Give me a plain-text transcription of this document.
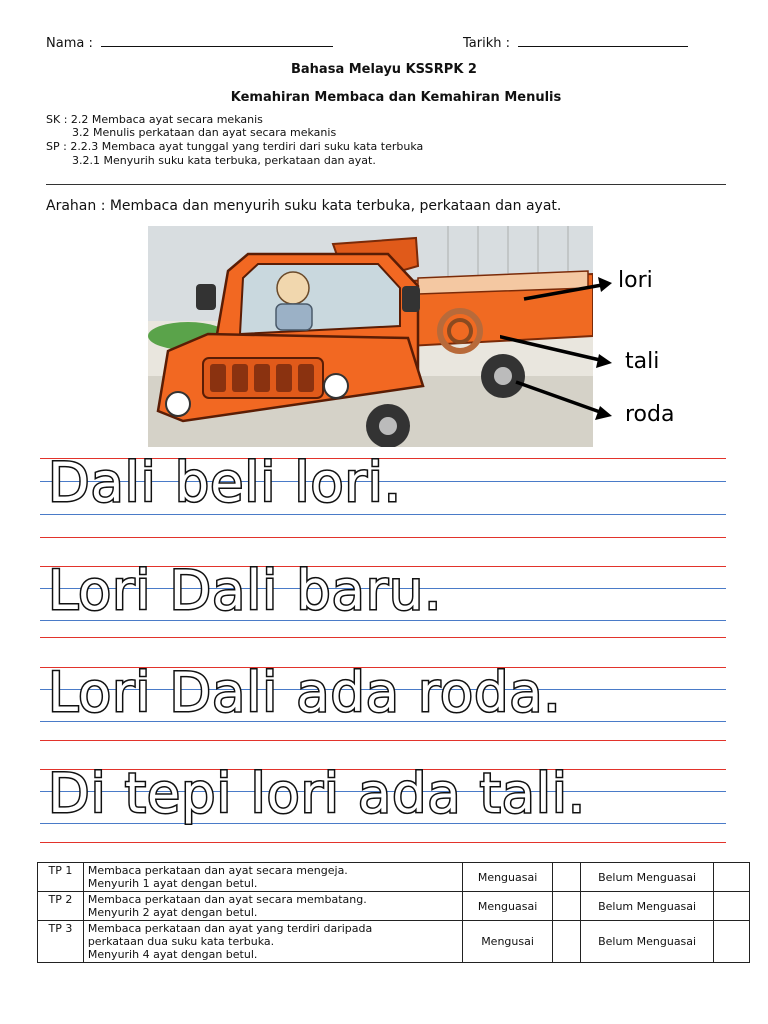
Nama :	Tarikh :
Bahasa Melayu KSSRPK 2
Kemahiran Membaca dan Kemahiran Menulis
SK : 2.2 Membaca ayat secara mekanis
3.2 Menulis perkataan dan ayat secara mekanis
SP : 2.2.3 Membaca ayat tunggal yang terdiri dari suku kata terbuka
3.2.1 Menyurih suku kata terbuka, perkataan dan ayat.
Arahan : Membaca dan menyurih suku kata terbuka, perkataan dan ayat.
lori
tali
roda
Dali beli lori.
Lori Dali baru.
Lori Dali ada roda.
Di tepi lori ada tali.
TP 1	Membaca perkataan dan ayat secara mengeja.
Menyurih 1 ayat dengan betul.	Menguasai		Belum Menguasai	
TP 2	Membaca perkataan dan ayat secara membatang.
Menyurih 2 ayat dengan betul.	Menguasai		Belum Menguasai	
TP 3	Membaca perkataan dan ayat yang terdiri daripada
perkataan dua suku kata terbuka.
Menyurih 4 ayat dengan betul.	Mengusai		Belum Menguasai	
